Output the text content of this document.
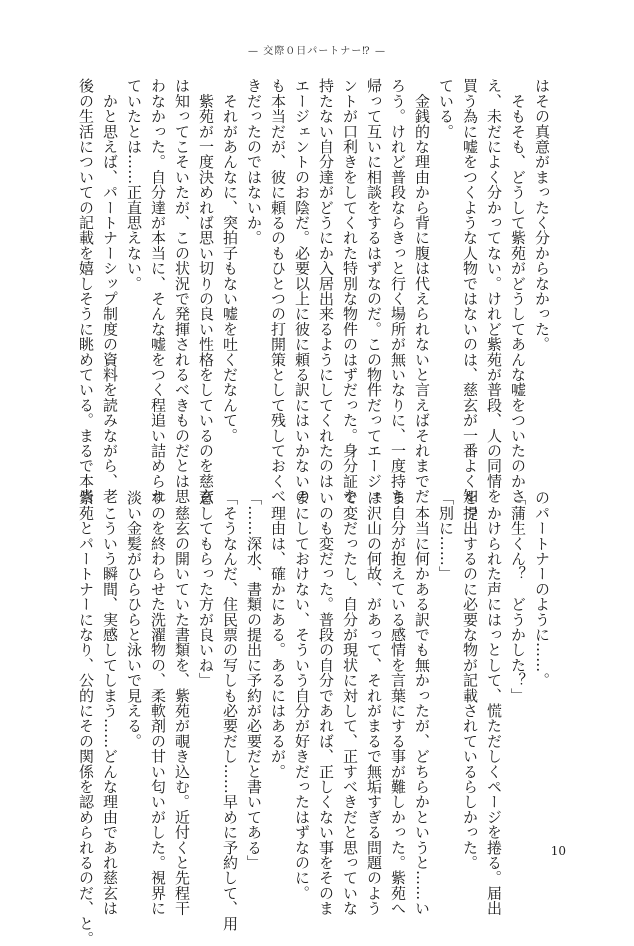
— 交際０日パートナー⁉ —
はその真意がまったく分からなかった。
　そもそも、どうして紫苑がどうしてあんな嘘をついたのかさ
え、未だによく分かってない。けれど紫苑が普段、人の同情を
買う為に嘘をつくような人物ではないのは、慈玄が一番よく知っ
ている。
　金銭的な理由から背に腹は代えられないと言えばそれまでだ
ろう。けれど普段ならきっと行く場所が無いなりに、一度持ち
帰って互いに相談をするはずなのだ。この物件だってエージェ
ントが口利きをしてくれた特別な物件のはずだった。身分証を
持たない自分達がどうにか入居出来るようにしてくれたのは
エージェントのお陰だ。必要以上に彼に頼る訳にはいかないの
も本当だが、彼に頼るのもひとつの打開策として残しておくべ
きだったのではないか。
　それがあんなに、突拍子もない嘘を吐くだなんて。
　紫苑が一度決めれば思い切りの良い性格をしているのを慈玄
は知ってこそいたが、この状況で発揮されるべきものだとは思
わなかった。自分達が本当に、そんな嘘をつく程追い詰められ
ていたとは……正直思えない。
　かと思えば、パートナーシップ制度の資料を読みながら、老
後の生活についての記載を嬉しそうに眺めている。まるで本当
のパートナーのように……。
「蒲生くん？　どうかした？」
　かけられた声にはっとして、慌ただしくページを捲る。届出
を提出するのに必要な物が記載されているらしかった。
「別に……」
　本当に何かある訳でも無かったが、どちらかというと……い
ま自分が抱えている感情を言葉にする事が難しかった。紫苑へ
は沢山の何故、があって、それがまるで無垢すぎる問題のよう
で変だったし、自分が現状に対して、正すべきだと思っていな
いのも変だった。普段の自分であれば、正しくない事をそのま
まにしておけない、そういう自分が好きだったはずなのに。
　理由は、確かにある。あるにはあるが。
「……深水、書類の提出に予約が必要だと書いてある」
「そうなんだ、住民票の写しも必要だし……早めに予約して、用
意してもらった方が良いね」
　慈玄の開いていた書類を、紫苑が覗き込む。近付くと先程干
すのを終わらせた洗濯物の、柔軟剤の甘い匂いがした。視界に
淡い金髪がひらひらと泳いで見える。
　こういう瞬間、実感してしまう……どんな理由であれ慈玄は
紫苑とパートナーになり、公的にその関係を認められるのだ、と。	10
